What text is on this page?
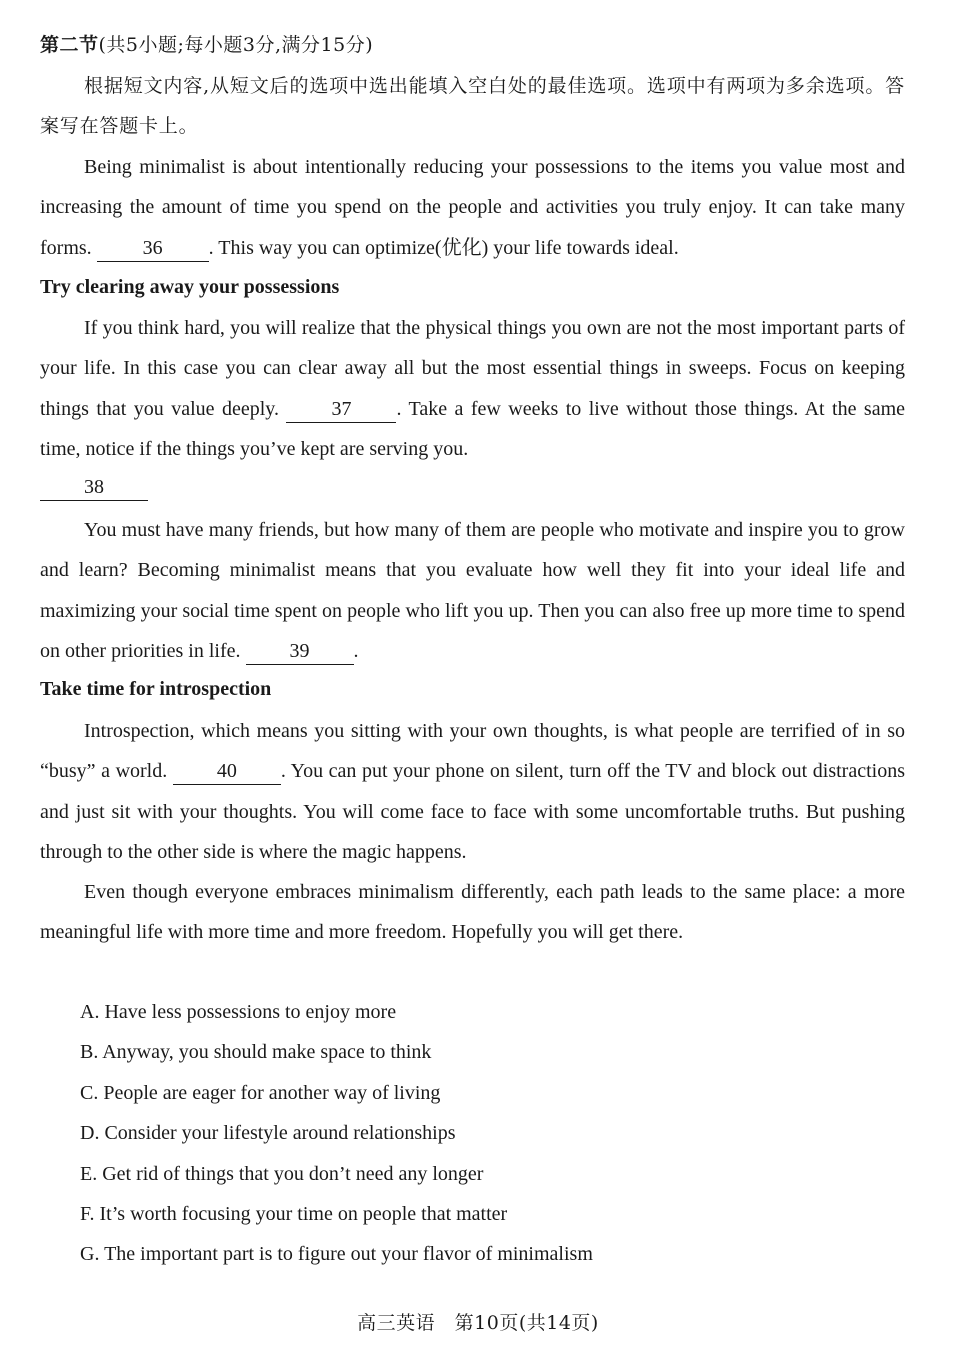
第二节(共5小题;每小题3分,满分15分)

根据短文内容,从短文后的选项中选出能填入空白处的最佳选项。选项中有两项为多余选项。答案写在答题卡上。

Being minimalist is about intentionally reducing your possessions to the items you value most and increasing the amount of time you spend on the people and activities you truly enjoy. It can take many forms. 36 . This way you can optimize(优化) your life towards ideal.

Try clearing away your possessions

If you think hard, you will realize that the physical things you own are not the most important parts of your life. In this case you can clear away all but the most essential things in sweeps. Focus on keeping things that you value deeply. 37 . Take a few weeks to live without those things. At the same time, notice if the things you’ve kept are serving you.

38

You must have many friends, but how many of them are people who motivate and inspire you to grow and learn? Becoming minimalist means that you evaluate how well they fit into your ideal life and maximizing your social time spent on people who lift you up. Then you can also free up more time to spend on other priorities in life. 39 .

Take time for introspection

Introspection, which means you sitting with your own thoughts, is what people are terrified of in so “busy” a world. 40 . You can put your phone on silent, turn off the TV and block out distractions and just sit with your thoughts. You will come face to face with some uncomfortable truths. But pushing through to the other side is where the magic happens.

Even though everyone embraces minimalism differently, each path leads to the same place: a more meaningful life with more time and more freedom. Hopefully you will get there.

A. Have less possessions to enjoy more
B. Anyway, you should make space to think
C. People are eager for another way of living
D. Consider your lifestyle around relationships
E. Get rid of things that you don’t need any longer
F. It’s worth focusing your time on people that matter
G. The important part is to figure out your flavor of minimalism
高三英语　第10页(共14页)
